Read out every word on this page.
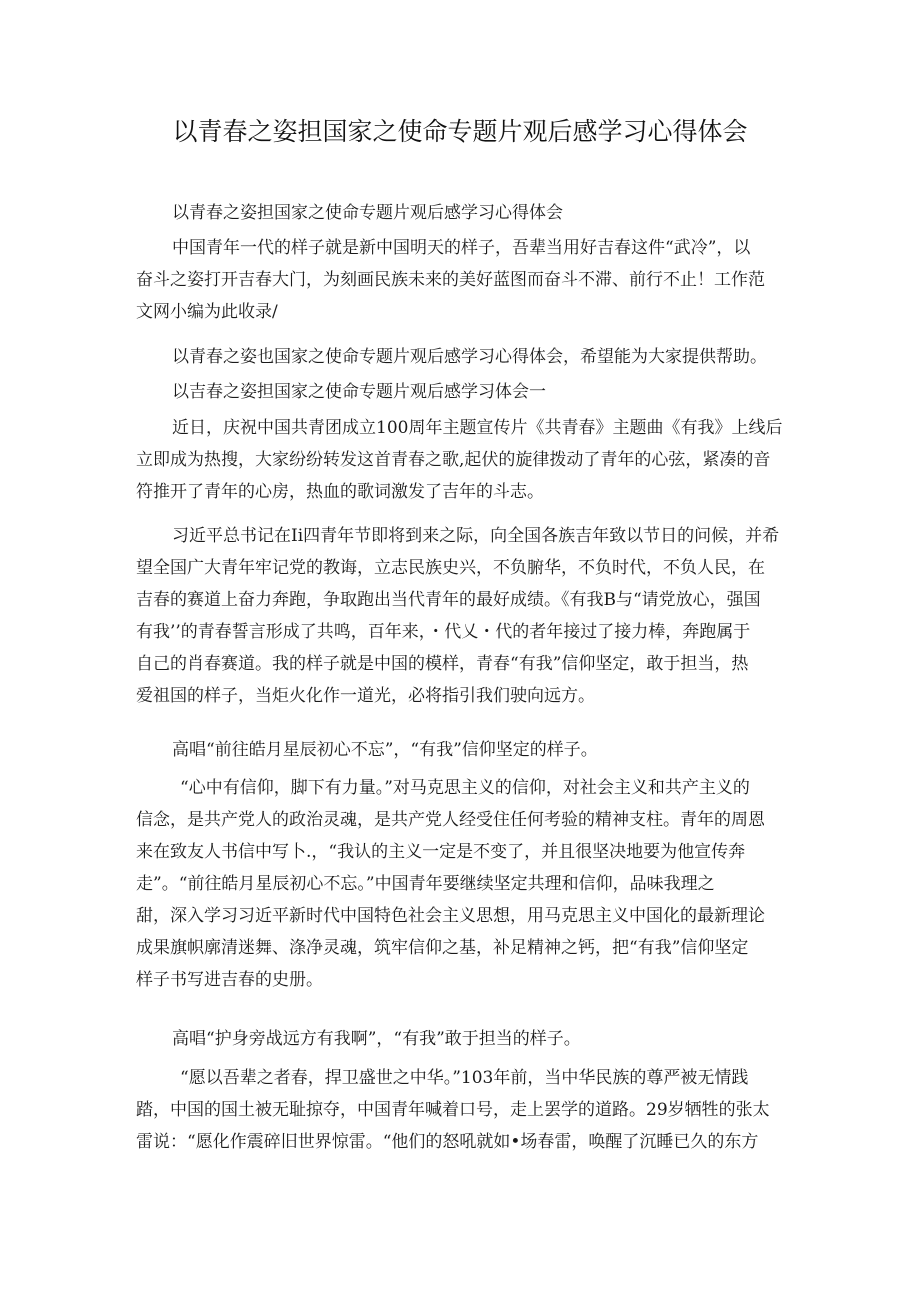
以青春之姿担国家之使命专题片观后感学习心得体会
以青春之姿担国家之使命专题片观后感学习心得体会
中国青年一代的样子就是新中国明天的样子，吾辈当用好吉春这件“武冷”，以
奋斗之姿打开吉春大门，为刻画民族未来的美好蓝图而奋斗不滞、前行不止！工作范
文网小编为此收录/
以青春之姿也国家之使命专题片观后感学习心得体会，希望能为大家提供帮助。
以吉春之姿担国家之使命专题片观后感学习体会一
近日，庆祝中国共青团成立100周年主题宣传片《共青春》主题曲《有我》上线后
立即成为热搜，大家纷纷转发这首青春之歌,起伏的旋律拨动了青年的心弦，紧凑的音
符推开了青年的心房，热血的歌词激发了吉年的斗志。
习近平总书记在Ii四青年节即将到来之际，向全国各族吉年致以节日的问候，并希
望全国广大青年牢记党的教诲，立志民族史兴，不负腑华，不负时代，不负人民，在
吉春的赛道上奋力奔跑，争取跑出当代青年的最好成绩。《有我B与“请党放心，强国
有我’’的青春誓言形成了共鸣，百年来，・代乂・代的者年接过了接力棒，奔跑属于
自己的肖春赛道。我的样子就是中国的模样，青春“有我”信仰坚定，敢于担当，热
爱祖国的样子，当炬火化作一道光，必将指引我们驶向远方。
高唱“前往皓月星辰初心不忘”，“有我”信仰坚定的样子。
“心中有信仰，脚下有力量。”对马克思主义的信仰，对社会主义和共产主义的
信念，是共产党人的政治灵魂，是共产党人经受住任何考验的精神支柱。青年的周恩
来在致友人书信中写卜.，“我认的主义一定是不变了，并且很坚决地要为他宣传奔
走”。“前往皓月星辰初心不忘。”中国青年要继续坚定共理和信仰，品味我理之
甜，深入学习习近平新时代中国特色社会主义思想，用马克思主义中国化的最新理论
成果旗帜廓清迷舞、涤净灵魂，筑牢信仰之基，补足精神之钙，把“有我”信仰坚定
样子书写进吉春的史册。
高唱“护身旁战远方有我啊”，“有我”敢于担当的样子。
“愿以吾辈之者春，捍卫盛世之中华。”103年前，当中华民族的尊严被无情践
踏，中国的国土被无耻掠夺，中国青年喊着口号，走上罢学的道路。29岁牺牲的张太
雷说：“愿化作震碎旧世界惊雷。“他们的怒吼就如•场春雷，唤醒了沉睡已久的东方
